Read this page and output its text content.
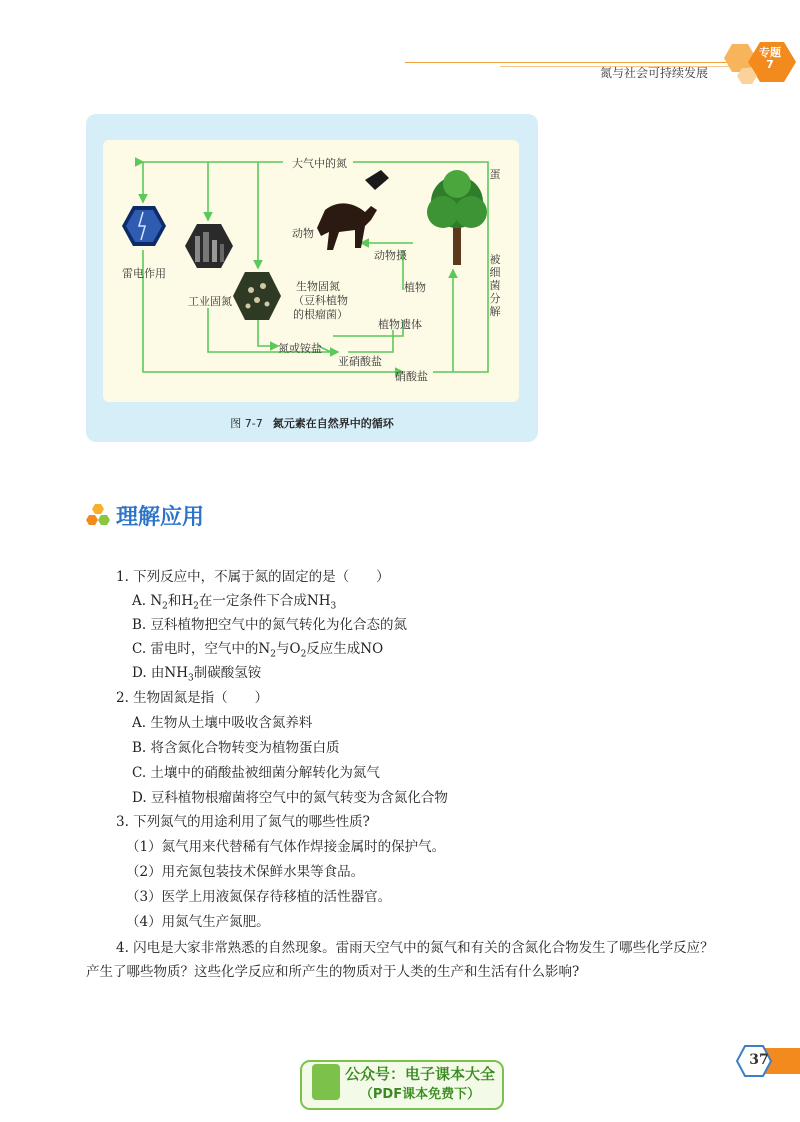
氮与社会可持续发展
专题
7
大气中的氮
雷电作用
工业固氮
生物固氮
（豆科植物
的根瘤菌）
动物
动物摄
植物
植物遗体
氮或铵盐
亚硝酸盐
硝酸盐
蛋
被细菌分解
图 7-7 氮元素在自然界中的循环
理解应用
1. 下列反应中，不属于氮的固定的是（　　）
A. $N_2$和$H_2$在一定条件下合成$NH_3$
B. 豆科植物把空气中的氮气转化为化合态的氮
C. 雷电时，空气中的$N_2$与$O_2$反应生成NO
D. 由$NH_3$制碳酸氢铵
2. 生物固氮是指（　　）
A. 生物从土壤中吸收含氮养料
B. 将含氮化合物转变为植物蛋白质
C. 土壤中的硝酸盐被细菌分解转化为氮气
D. 豆科植物根瘤菌将空气中的氮气转变为含氮化合物
3. 下列氮气的用途利用了氮气的哪些性质?
（1）氮气用来代替稀有气体作焊接金属时的保护气。
（2）用充氮包装技术保鲜水果等食品。
（3）医学上用液氮保存待移植的活性器官。
（4）用氮气生产氮肥。
4. 闪电是大家非常熟悉的自然现象。雷雨天空气中的氮气和有关的含氮化合物发生了哪些化学反应？产生了哪些物质？这些化学反应和所产生的物质对于人类的生产和生活有什么影响?
37
公众号：电子课本大全
（PDF课本免费下）
